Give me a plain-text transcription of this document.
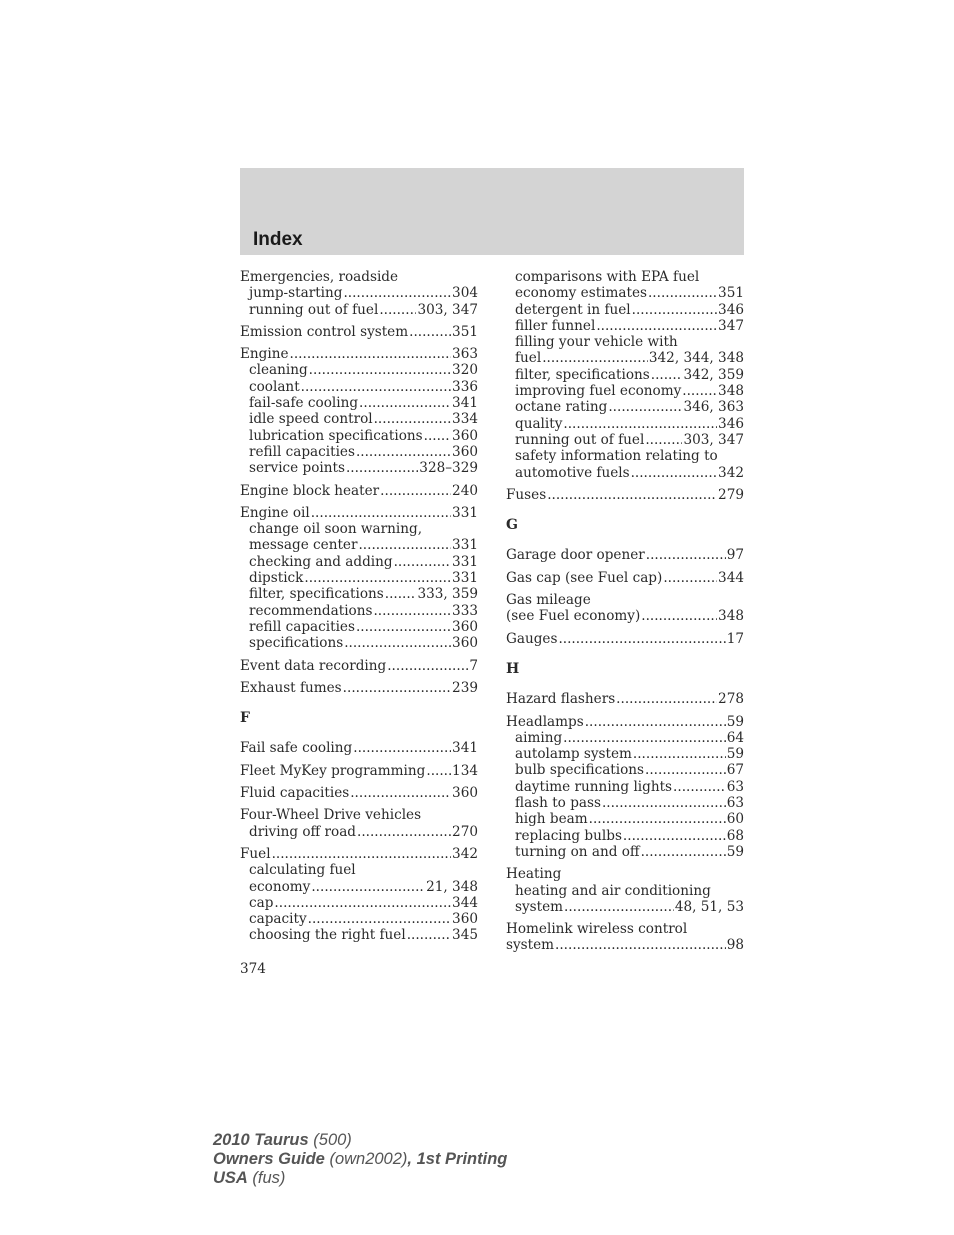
Index
Emergencies, roadside
jump-starting .....	304
running out of fuel .....	303, 347
Emission control system .....	351
Engine .....	363
cleaning .....	320
coolant .....	336
fail-safe cooling .....	341
idle speed control .....	334
lubrication specifications ..... 360
refill capacities .....	360
service points .....	328–329
Engine block heater .....	240
Engine oil .....	331
change oil soon warning,
message center .....	331
checking and adding .....	331
dipstick .....	331
filter, specifications ..... 333, 359
recommendations .....	333
refill capacities .....	360
specifications .....	360
Event data recording .....	7
Exhaust fumes .....	239
F
Fail safe cooling .....	341
Fleet MyKey programming ..... 134
Fluid capacities .....	360
Four-Wheel Drive vehicles
driving off road .....	270
Fuel .....	342
calculating fuel
economy .....	21, 348
cap .....	344
capacity .....	360
choosing the right fuel .....	345
comparisons with EPA fuel
economy estimates .....	351
detergent in fuel .....	346
filler funnel .....	347
filling your vehicle with
fuel .....	342, 344, 348
filter, specifications ..... 342, 359
improving fuel economy .....	348
octane rating .....	346, 363
quality .....	346
running out of fuel .....	303, 347
safety information relating to
automotive fuels .....	342
Fuses .....	279
G
Garage door opener .....	97
Gas cap (see Fuel cap) .....	344
Gas mileage
(see Fuel economy) .....	348
Gauges .....	17
H
Hazard flashers .....	278
Headlamps .....	59
aiming .....	64
autolamp system .....	59
bulb specifications .....	67
daytime running lights .....	63
flash to pass .....	63
high beam .....	60
replacing bulbs .....	68
turning on and off .....	59
Heating
heating and air conditioning
system .....	48, 51, 53
Homelink wireless control
system .....	98
374
2010 Taurus (500)
Owners Guide (own2002), 1st Printing
USA (fus)
